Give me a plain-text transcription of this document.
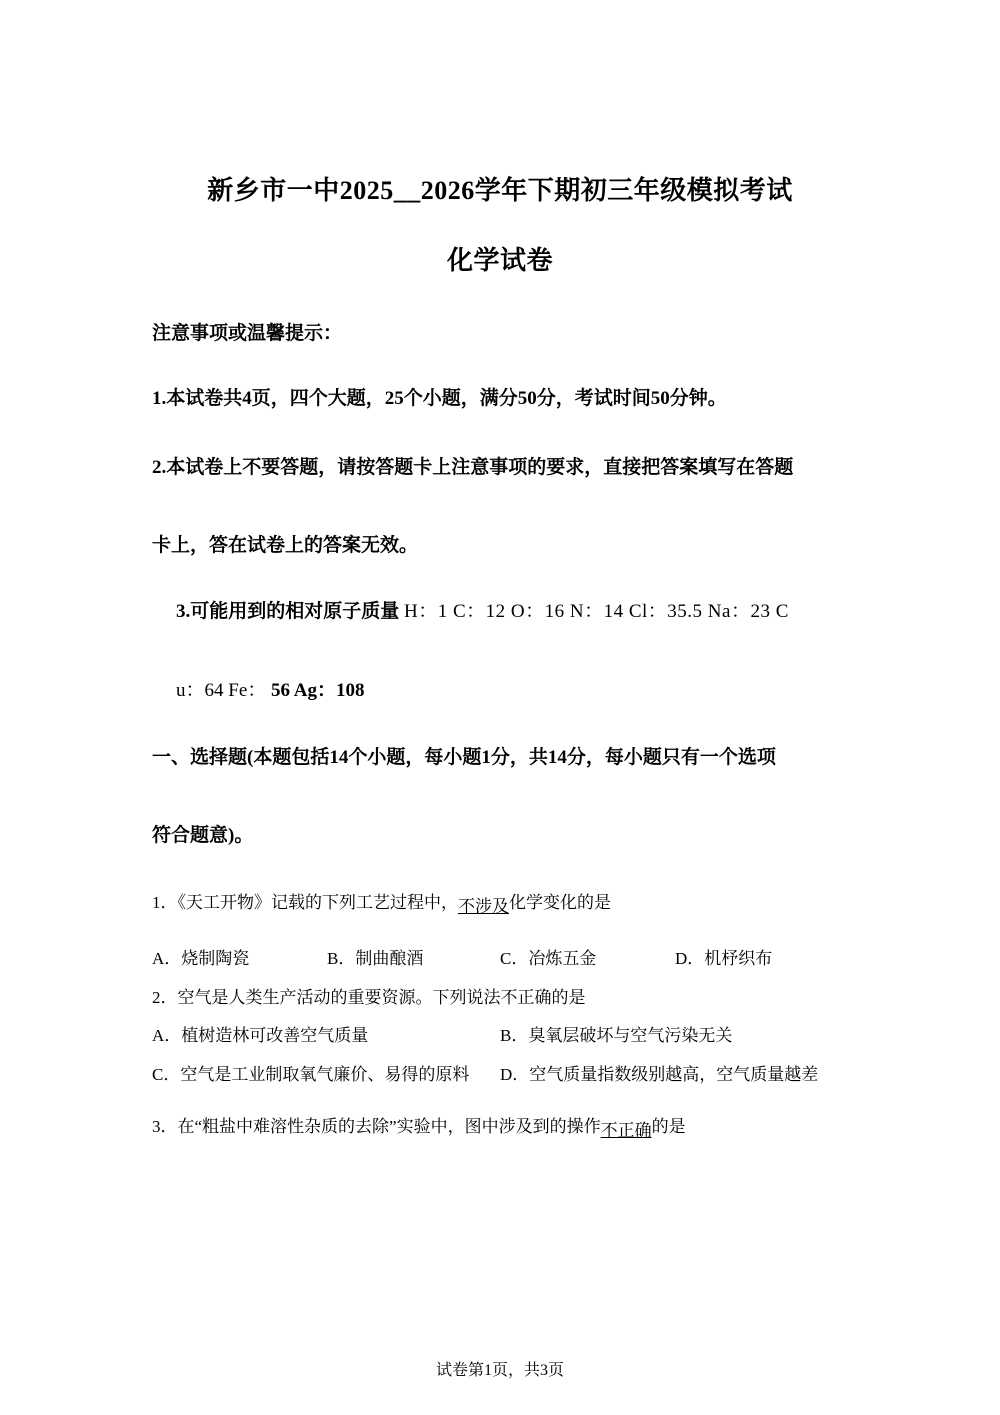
新乡市一中2025__2026学年下期初三年级模拟考试
化学试卷
注意事项或温馨提示：
1.本试卷共4页，四个大题，25个小题，满分50分，考试时间50分钟。
2.本试卷上不要答题，请按答题卡上注意事项的要求，直接把答案填写在答题
卡上，答在试卷上的答案无效。
3.可能用到的相对原子质量 H：1 C：12 O：16 N：14 Cl：35.5 Na：23 C
u：64 Fe： 56 Ag：108
一、选择题(本题包括14个小题，每小题1分，共14分，每小题只有一个选项
符合题意)。
1．《天工开物》记载的下列工艺过程中，不涉及化学变化的是
A．烧制陶瓷	B．制曲酿酒	C．冶炼五金	D．机杼织布
2．空气是人类生产活动的重要资源。下列说法不正确的是
A．植树造林可改善空气质量	B．臭氧层破坏与空气污染无关
C．空气是工业制取氧气廉价、易得的原料 D．空气质量指数级别越高，空气质量越差
3．在“粗盐中难溶性杂质的去除”实验中，图中涉及到的操作不正确的是
试卷第1页，共3页
